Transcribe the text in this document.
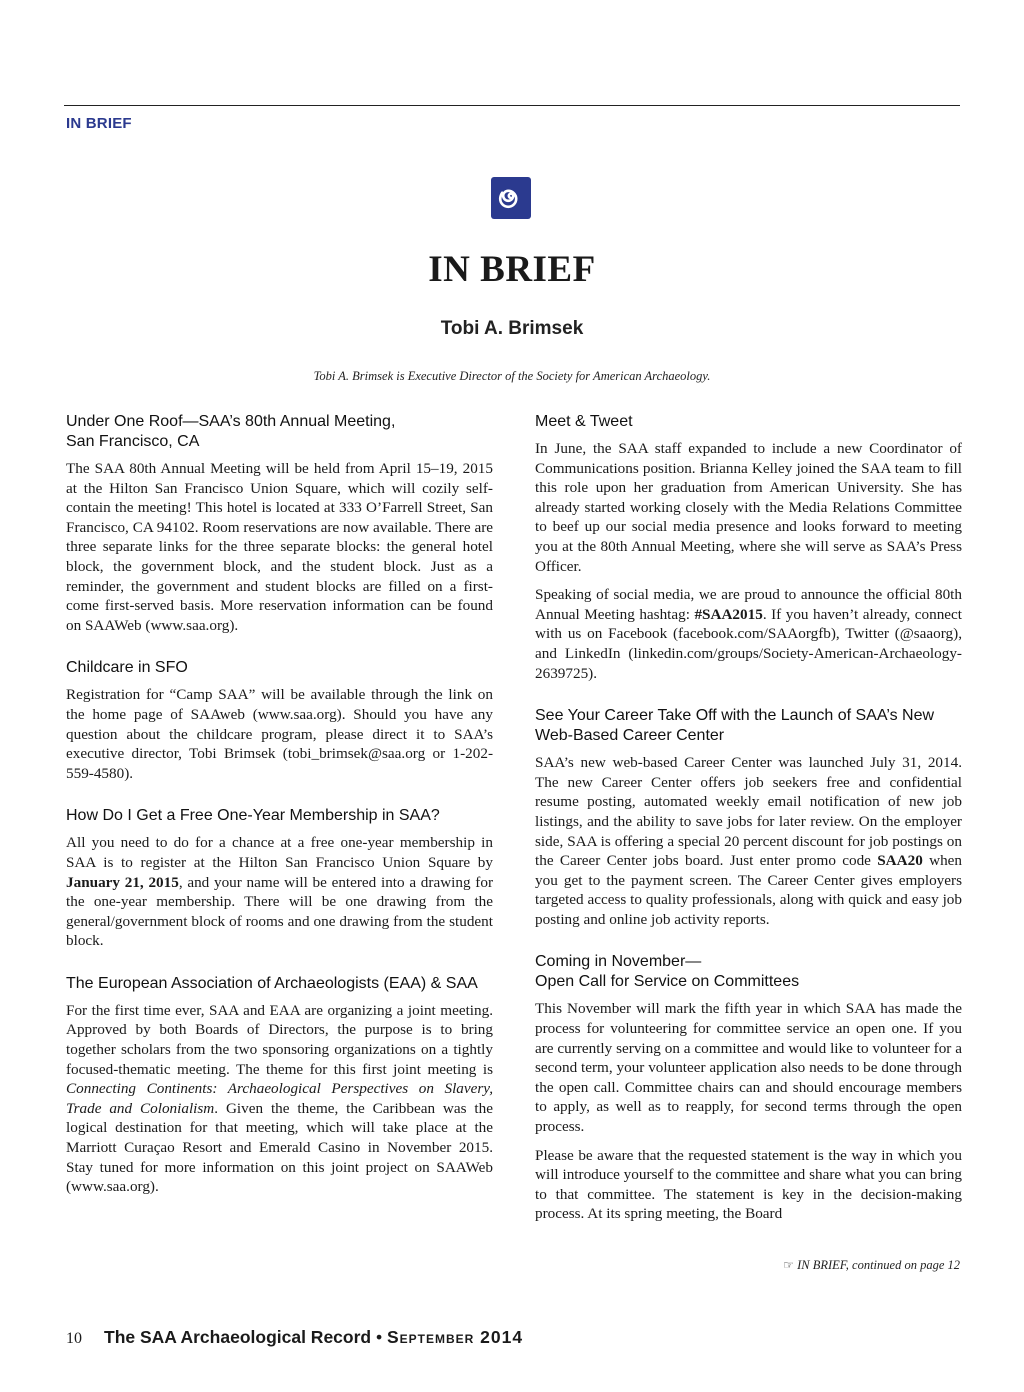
IN BRIEF
IN BRIEF
Tobi A. Brimsek
Tobi A. Brimsek is Executive Director of the Society for American Archaeology.
Under One Roof—SAA’s 80th Annual Meeting,
San Francisco, CA

The SAA 80th Annual Meeting will be held from April 15–19, 2015 at the Hilton San Francisco Union Square, which will cozily self-contain the meeting! This hotel is located at 333 O’Farrell Street, San Francisco, CA 94102. Room reservations are now available. There are three separate links for the three separate blocks: the general hotel block, the government block, and the student block. Just as a reminder, the government and student blocks are filled on a first-come first-served basis. More reservation information can be found on SAAWeb (www.saa.org).

Childcare in SFO

Registration for “Camp SAA” will be available through the link on the home page of SAAweb (www.saa.org). Should you have any question about the childcare program, please direct it to SAA’s executive director, Tobi Brimsek (tobi_brimsek@saa.org or 1-202-559-4580).

How Do I Get a Free One-Year Membership in SAA?

All you need to do for a chance at a free one-year membership in SAA is to register at the Hilton San Francisco Union Square by January 21, 2015, and your name will be entered into a drawing for the one-year membership. There will be one drawing from the general/government block of rooms and one drawing from the student block.

The European Association of Archaeologists (EAA) & SAA

For the first time ever, SAA and EAA are organizing a joint meeting. Approved by both Boards of Directors, the purpose is to bring together scholars from the two sponsoring organizations on a tightly focused-thematic meeting. The theme for this first joint meeting is Connecting Continents: Archaeological Perspectives on Slavery, Trade and Colonialism. Given the theme, the Caribbean was the logical destination for that meeting, which will take place at the Marriott Curaçao Resort and Emerald Casino in November 2015. Stay tuned for more information on this joint project on SAAWeb (www.saa.org).

Meet & Tweet

In June, the SAA staff expanded to include a new Coordinator of Communications position. Brianna Kelley joined the SAA team to fill this role upon her graduation from American University. She has already started working closely with the Media Relations Committee to beef up our social media presence and looks forward to meeting you at the 80th Annual Meeting, where she will serve as SAA’s Press Officer.

Speaking of social media, we are proud to announce the official 80th Annual Meeting hashtag: #SAA2015. If you haven’t already, connect with us on Facebook (facebook.com/SAAorgfb), Twitter (@saaorg), and LinkedIn (linkedin.com/groups/Society-American-Archaeology-2639725).

See Your Career Take Off with the Launch of SAA’s New
Web-Based Career Center

SAA’s new web-based Career Center was launched July 31, 2014. The new Career Center offers job seekers free and confidential resume posting, automated weekly email notification of new job listings, and the ability to save jobs for later review. On the employer side, SAA is offering a special 20 percent discount for job postings on the Career Center jobs board. Just enter promo code SAA20 when you get to the payment screen. The Career Center gives employers targeted access to quality professionals, along with quick and easy job posting and online job activity reports.

Coming in November—
Open Call for Service on Committees

This November will mark the fifth year in which SAA has made the process for volunteering for committee service an open one. If you are currently serving on a committee and would like to volunteer for a second term, your volunteer application also needs to be done through the open call. Committee chairs can and should encourage members to apply, as well as to reapply, for second terms through the open process.

Please be aware that the requested statement is the way in which you will introduce yourself to the committee and share what you can bring to that committee. The statement is key in the decision-making process. At its spring meeting, the Board

☞ IN BRIEF, continued on page 12
10 The SAA Archaeological Record • September 2014
